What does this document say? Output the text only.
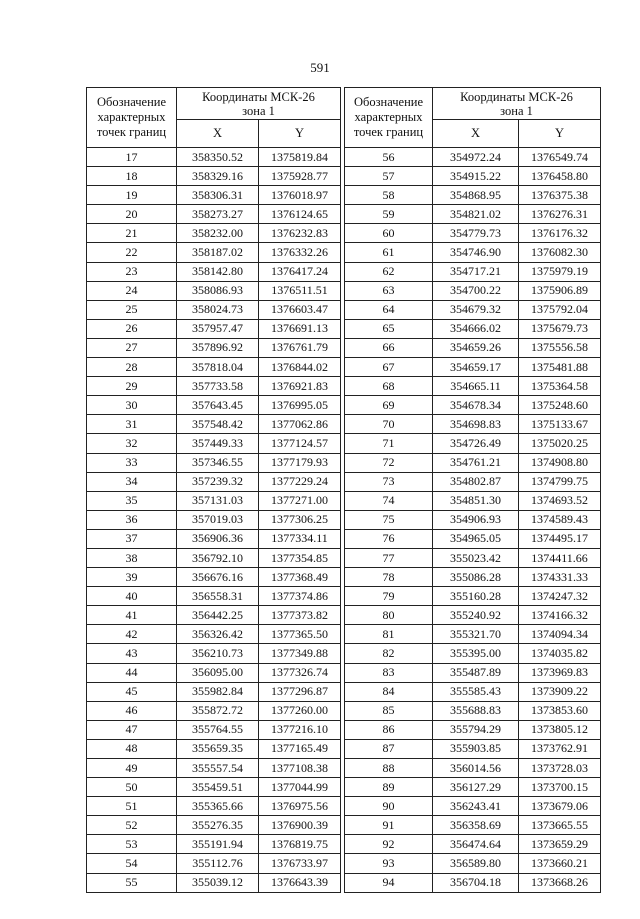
591
Обозначение
характерных
точек границ	Координаты МСК-26
зона 1	
	X	Y
17	358350.52	1375819.84
18	358329.16	1375928.77
19	358306.31	1376018.97
20	358273.27	1376124.65
21	358232.00	1376232.83
22	358187.02	1376332.26
23	358142.80	1376417.24
24	358086.93	1376511.51
25	358024.73	1376603.47
26	357957.47	1376691.13
27	357896.92	1376761.79
28	357818.04	1376844.02
29	357733.58	1376921.83
30	357643.45	1376995.05
31	357548.42	1377062.86
32	357449.33	1377124.57
33	357346.55	1377179.93
34	357239.32	1377229.24
35	357131.03	1377271.00
36	357019.03	1377306.25
37	356906.36	1377334.11
38	356792.10	1377354.85
39	356676.16	1377368.49
40	356558.31	1377374.86
41	356442.25	1377373.82
42	356326.42	1377365.50
43	356210.73	1377349.88
44	356095.00	1377326.74
45	355982.84	1377296.87
46	355872.72	1377260.00
47	355764.55	1377216.10
48	355659.35	1377165.49
49	355557.54	1377108.38
50	355459.51	1377044.99
51	355365.66	1376975.56
52	355276.35	1376900.39
53	355191.94	1376819.75
54	355112.76	1376733.97
55	355039.12	1376643.39
Обозначение
характерных
точек границ	Координаты МСК-26
зона 1	
	X	Y
56	354972.24	1376549.74
57	354915.22	1376458.80
58	354868.95	1376375.38
59	354821.02	1376276.31
60	354779.73	1376176.32
61	354746.90	1376082.30
62	354717.21	1375979.19
63	354700.22	1375906.89
64	354679.32	1375792.04
65	354666.02	1375679.73
66	354659.26	1375556.58
67	354659.17	1375481.88
68	354665.11	1375364.58
69	354678.34	1375248.60
70	354698.83	1375133.67
71	354726.49	1375020.25
72	354761.21	1374908.80
73	354802.87	1374799.75
74	354851.30	1374693.52
75	354906.93	1374589.43
76	354965.05	1374495.17
77	355023.42	1374411.66
78	355086.28	1374331.33
79	355160.28	1374247.32
80	355240.92	1374166.32
81	355321.70	1374094.34
82	355395.00	1374035.82
83	355487.89	1373969.83
84	355585.43	1373909.22
85	355688.83	1373853.60
86	355794.29	1373805.12
87	355903.85	1373762.91
88	356014.56	1373728.03
89	356127.29	1373700.15
90	356243.41	1373679.06
91	356358.69	1373665.55
92	356474.64	1373659.29
93	356589.80	1373660.21
94	356704.18	1373668.26
